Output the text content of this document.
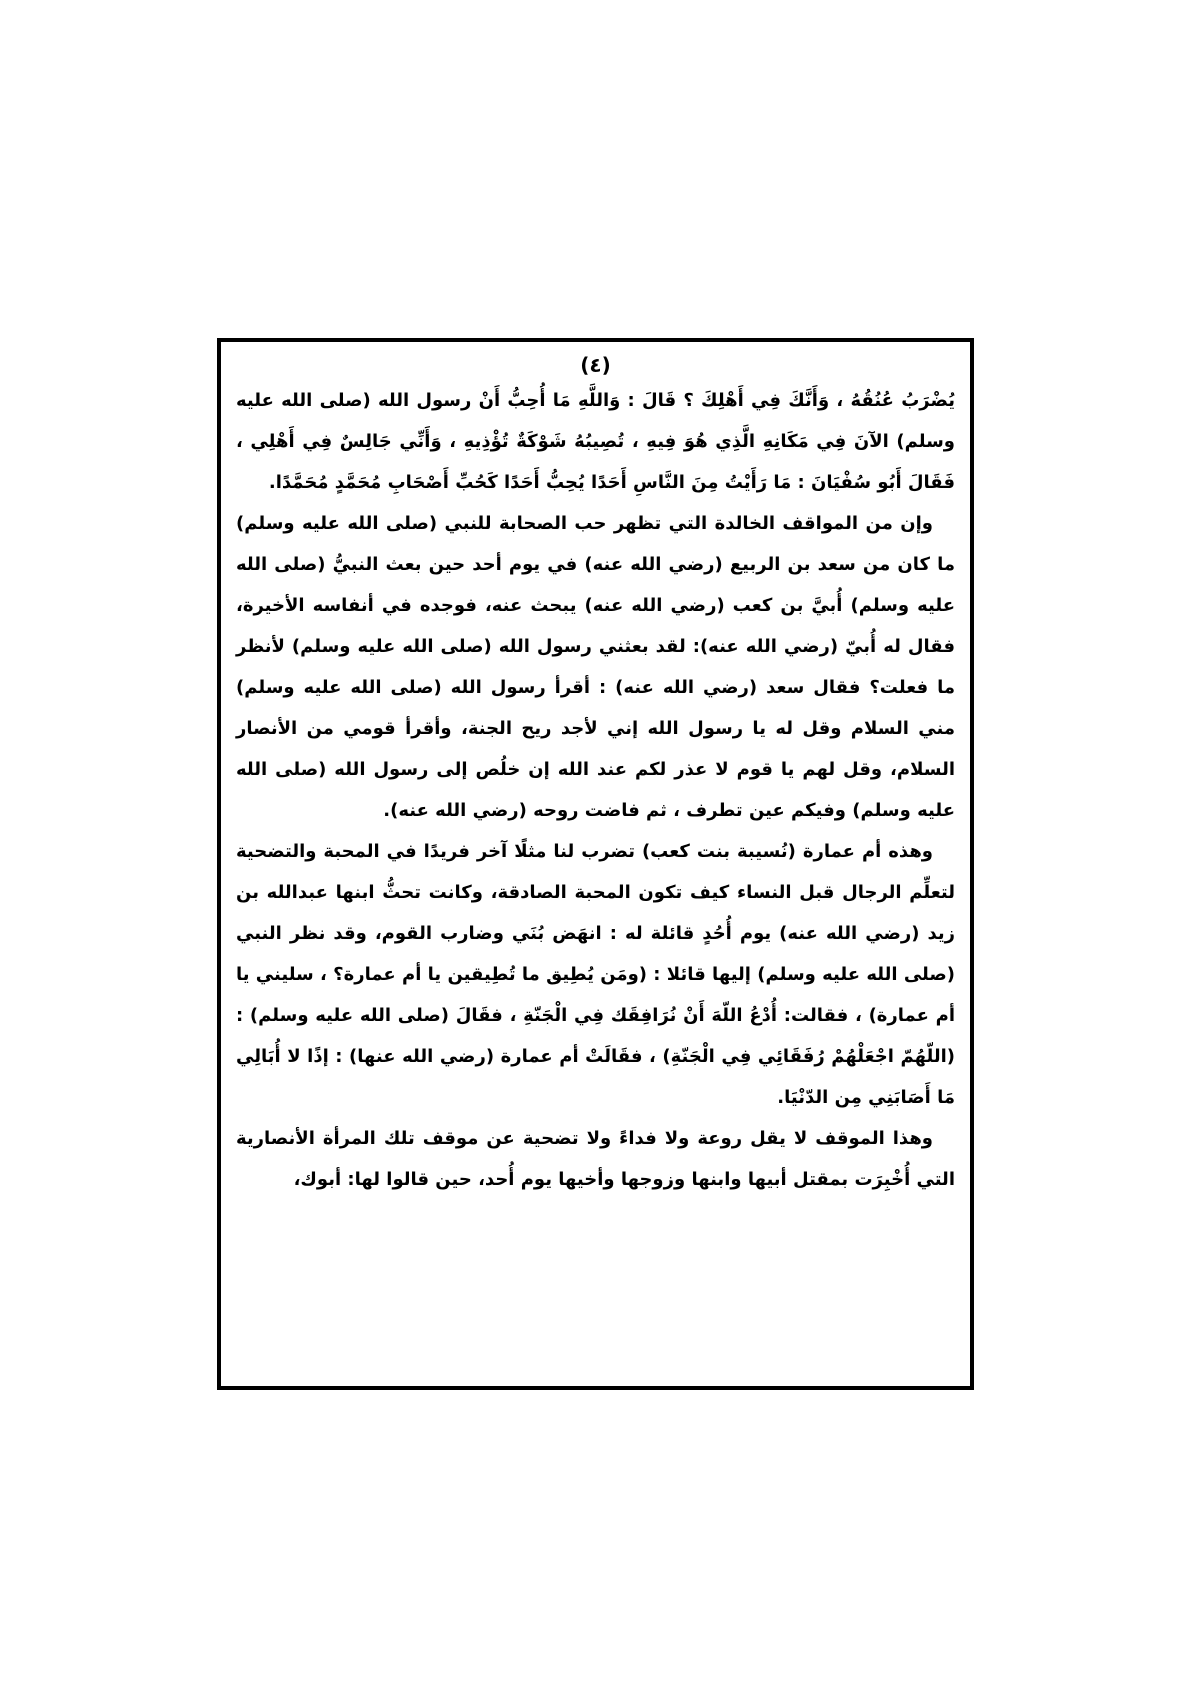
(٤)

يُضْرَبُ عُنُقُهُ ، وَأَنَّكَ فِي أَهْلِكَ ؟ قَالَ : وَاللَّهِ مَا أُحِبُّ أَنْ رسول الله (صلى الله عليه وسلم) الآنَ فِي مَكَانِهِ الَّذِي هُوَ فِيهِ ، تُصِيبُهُ شَوْكَةٌ تُؤْذِيهِ ، وَأَنِّي جَالِسٌ فِي أَهْلِي ، فَقَالَ أَبُو سُفْيَانَ : مَا رَأَيْتُ مِنَ النَّاسِ أَحَدًا يُحِبُّ أَحَدًا كَحُبِّ أَصْحَابِ مُحَمَّدٍ مُحَمَّدًا.

وإن من المواقف الخالدة التي تظهر حب الصحابة للنبي (صلى الله عليه وسلم) ما كان من سعد بن الربيع (رضي الله عنه) في يوم أحد حين بعث النبيُّ (صلى الله عليه وسلم) أُبيَّ بن كعب (رضي الله عنه) يبحث عنه، فوجده في أنفاسه الأخيرة، فقال له أُبيّ (رضي الله عنه): لقد بعثني رسول الله (صلى الله عليه وسلم) لأنظر ما فعلت؟ فقال سعد (رضي الله عنه) : أقرأ رسول الله (صلى الله عليه وسلم) مني السلام وقل له يا رسول الله إني لأجد ريح الجنة، وأقرأ قومي من الأنصار السلام، وقل لهم يا قوم لا عذر لكم عند الله إن خلُص إلى رسول الله (صلى الله عليه وسلم) وفيكم عين تطرف ، ثم فاضت روحه (رضي الله عنه).

وهذه أم عمارة (نُسيبة بنت كعب) تضرب لنا مثلًا آخر فريدًا في المحبة والتضحية لتعلِّم الرجال قبل النساء كيف تكون المحبة الصادقة، وكانت تحثُّ ابنها عبدالله بن زيد (رضي الله عنه) يوم أُحُدٍ قائلة له : انهَض بُنَي وضارب القوم، وقد نظر النبي (صلى الله عليه وسلم) إليها قائلا : (ومَن يُطِيق ما تُطِيقين يا أم عمارة؟ ، سليني يا أم عمارة) ، فقالت: أُدْعُ اللّهَ أَنْ نُرَافِقَك فِي الْجَنّةِ ، فقَالَ (صلى الله عليه وسلم) : (اللّهُمّ اجْعَلْهُمْ رُفَقَائِي فِي الْجَنّةِ) ، فقَالَتْ أم عمارة (رضي الله عنها) : إذًا لا أُبَالِي مَا أَصَابَنِي مِن الدّنْيَا.

وهذا الموقف لا يقل روعة ولا فداءً ولا تضحية عن موقف تلك المرأة الأنصارية التي أُخْبِرَت بمقتل أبيها وابنها وزوجها وأخيها يوم أُحد، حين قالوا لها: أبوك،
